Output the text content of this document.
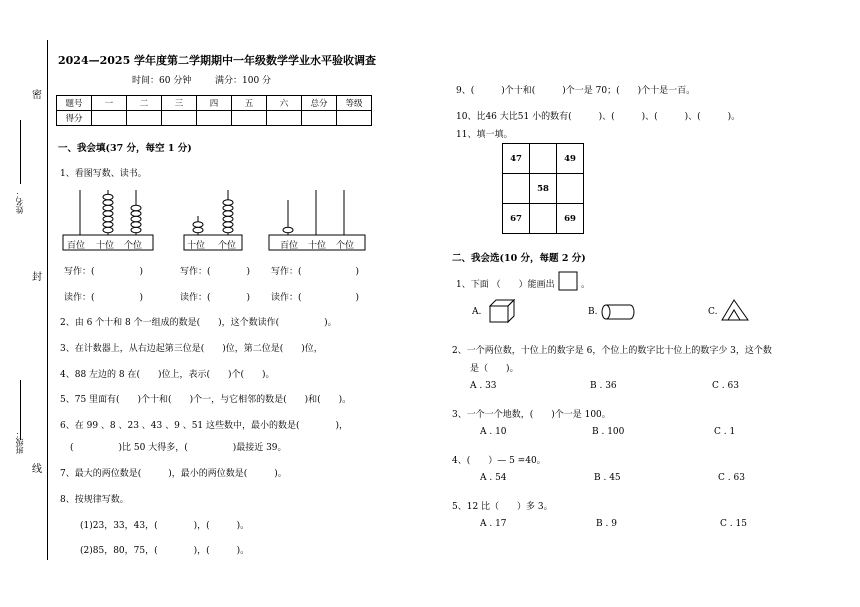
密
姓名：
封
班级：
线
2024—2025 学年度第二学期期中一年级数学学业水平验收调查
时间：60 分钟	满分：100 分
题号	一	二	三	四	五	六	总分	等级
得分								
一、我会填(37 分，每空 1 分)
1、看图写数、读书。
百位 十位 个位	十位 个位	百位 十位 个位
写作：(　　　　　)	写作：(　　　　) 写作：(　　　　　　)
读作：(　　　　　)	读作：(　　　　) 读作：(　　　　　　)
2、由 6 个十和 8 个一组成的数是(　　)，这个数读作(　　　　　)。
3、在计数器上，从右边起第三位是(　　)位，第二位是(　　)位，
4、88 左边的 8 在(　　)位上，表示(　　)个(　　)。
5、75 里面有(　　)个十和(　　)个一，与它相邻的数是(　　)和(　　)。
6、在 99 、8 、23 、43 、9 、51 这些数中，最小的数是(　　　　)，
(　　　　　)比 50 大得多，(　　　　　)最接近 39。
7、最大的两位数是(　　　)，最小的两位数是(　　　)。
8、按规律写数。
(1)23，33，43，(　　　　)，(　　　)。
(2)85，80，75，(　　　　)，(　　　)。
9、(　　　)个十和(　　　)个一是 70；(　　)个十是一百。
10、比46 大比51 小的数有(　　　)、(　　　)、(　　　)、(　　　)。
11、填一填。
47		49
	58	
67		69
二、我会选(10 分，每题 2 分)
1、下面 （　　）能画出	。
A.	B.	C.
2、一个两位数，十位上的数字是 6，个位上的数字比十位上的数字少 3，这个数
是（　　)。
A . 33	B . 36	C . 63
3、一个一个地数，(　　)个一是 100。
A . 10	B . 100	C . 1
4、(　　）— 5 =40。
A . 54	B . 45	C . 63
5、12 比（　　）多 3。
A . 17	B . 9	C . 15
